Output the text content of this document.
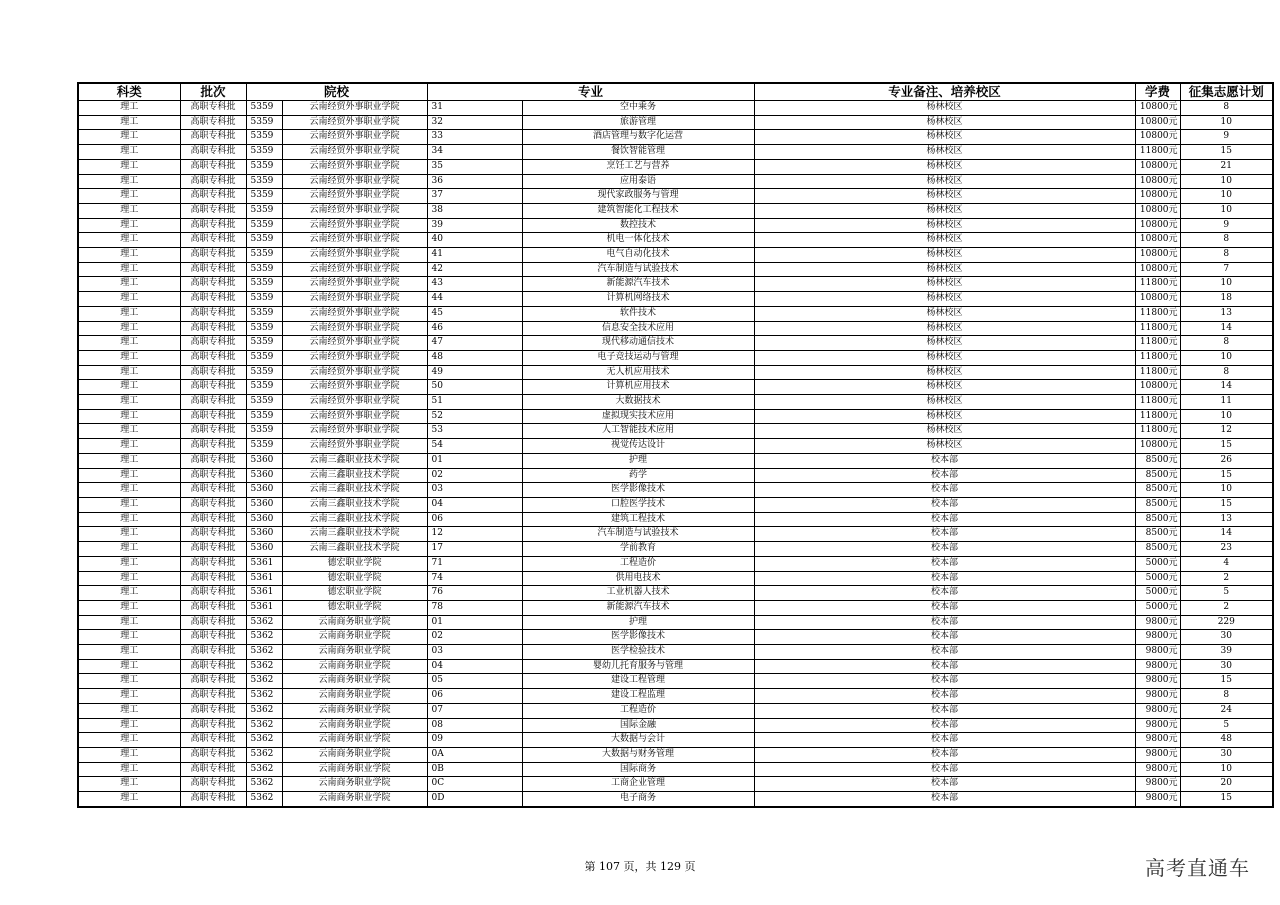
科类	批次	院校		专业		专业备注、培养校区	学费	征集志愿计划
理工	高职专科批	5359	云南经贸外事职业学院	31	空中乘务	杨林校区	10800元	8
理工	高职专科批	5359	云南经贸外事职业学院	32	旅游管理	杨林校区	10800元	10
理工	高职专科批	5359	云南经贸外事职业学院	33	酒店管理与数字化运营	杨林校区	10800元	9
理工	高职专科批	5359	云南经贸外事职业学院	34	餐饮智能管理	杨林校区	11800元	15
理工	高职专科批	5359	云南经贸外事职业学院	35	烹饪工艺与营养	杨林校区	10800元	21
理工	高职专科批	5359	云南经贸外事职业学院	36	应用泰语	杨林校区	10800元	10
理工	高职专科批	5359	云南经贸外事职业学院	37	现代家政服务与管理	杨林校区	10800元	10
理工	高职专科批	5359	云南经贸外事职业学院	38	建筑智能化工程技术	杨林校区	10800元	10
理工	高职专科批	5359	云南经贸外事职业学院	39	数控技术	杨林校区	10800元	9
理工	高职专科批	5359	云南经贸外事职业学院	40	机电一体化技术	杨林校区	10800元	8
理工	高职专科批	5359	云南经贸外事职业学院	41	电气自动化技术	杨林校区	10800元	8
理工	高职专科批	5359	云南经贸外事职业学院	42	汽车制造与试验技术	杨林校区	10800元	7
理工	高职专科批	5359	云南经贸外事职业学院	43	新能源汽车技术	杨林校区	11800元	10
理工	高职专科批	5359	云南经贸外事职业学院	44	计算机网络技术	杨林校区	10800元	18
理工	高职专科批	5359	云南经贸外事职业学院	45	软件技术	杨林校区	11800元	13
理工	高职专科批	5359	云南经贸外事职业学院	46	信息安全技术应用	杨林校区	11800元	14
理工	高职专科批	5359	云南经贸外事职业学院	47	现代移动通信技术	杨林校区	11800元	8
理工	高职专科批	5359	云南经贸外事职业学院	48	电子竞技运动与管理	杨林校区	11800元	10
理工	高职专科批	5359	云南经贸外事职业学院	49	无人机应用技术	杨林校区	11800元	8
理工	高职专科批	5359	云南经贸外事职业学院	50	计算机应用技术	杨林校区	10800元	14
理工	高职专科批	5359	云南经贸外事职业学院	51	大数据技术	杨林校区	11800元	11
理工	高职专科批	5359	云南经贸外事职业学院	52	虚拟现实技术应用	杨林校区	11800元	10
理工	高职专科批	5359	云南经贸外事职业学院	53	人工智能技术应用	杨林校区	11800元	12
理工	高职专科批	5359	云南经贸外事职业学院	54	视觉传达设计	杨林校区	10800元	15
理工	高职专科批	5360	云南三鑫职业技术学院	01	护理	校本部	8500元	26
理工	高职专科批	5360	云南三鑫职业技术学院	02	药学	校本部	8500元	15
理工	高职专科批	5360	云南三鑫职业技术学院	03	医学影像技术	校本部	8500元	10
理工	高职专科批	5360	云南三鑫职业技术学院	04	口腔医学技术	校本部	8500元	15
理工	高职专科批	5360	云南三鑫职业技术学院	06	建筑工程技术	校本部	8500元	13
理工	高职专科批	5360	云南三鑫职业技术学院	12	汽车制造与试验技术	校本部	8500元	14
理工	高职专科批	5360	云南三鑫职业技术学院	17	学前教育	校本部	8500元	23
理工	高职专科批	5361	德宏职业学院	71	工程造价	校本部	5000元	4
理工	高职专科批	5361	德宏职业学院	74	供用电技术	校本部	5000元	2
理工	高职专科批	5361	德宏职业学院	76	工业机器人技术	校本部	5000元	5
理工	高职专科批	5361	德宏职业学院	78	新能源汽车技术	校本部	5000元	2
理工	高职专科批	5362	云南商务职业学院	01	护理	校本部	9800元	229
理工	高职专科批	5362	云南商务职业学院	02	医学影像技术	校本部	9800元	30
理工	高职专科批	5362	云南商务职业学院	03	医学检验技术	校本部	9800元	39
理工	高职专科批	5362	云南商务职业学院	04	婴幼儿托育服务与管理	校本部	9800元	30
理工	高职专科批	5362	云南商务职业学院	05	建设工程管理	校本部	9800元	15
理工	高职专科批	5362	云南商务职业学院	06	建设工程监理	校本部	9800元	8
理工	高职专科批	5362	云南商务职业学院	07	工程造价	校本部	9800元	24
理工	高职专科批	5362	云南商务职业学院	08	国际金融	校本部	9800元	5
理工	高职专科批	5362	云南商务职业学院	09	大数据与会计	校本部	9800元	48
理工	高职专科批	5362	云南商务职业学院	0A	大数据与财务管理	校本部	9800元	30
理工	高职专科批	5362	云南商务职业学院	0B	国际商务	校本部	9800元	10
理工	高职专科批	5362	云南商务职业学院	0C	工商企业管理	校本部	9800元	20
理工	高职专科批	5362	云南商务职业学院	0D	电子商务	校本部	9800元	15
第 107 页，共 129 页	高考直通车
